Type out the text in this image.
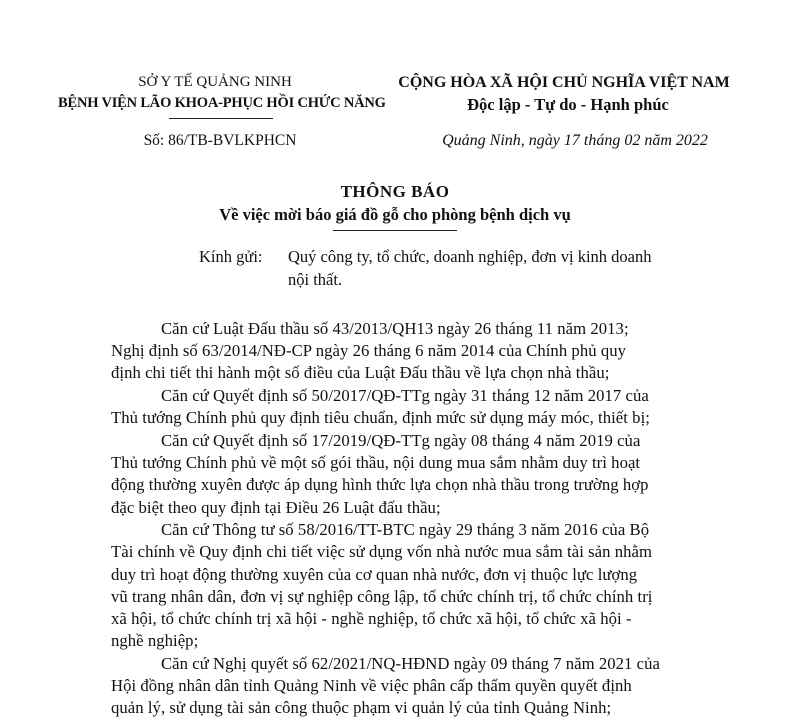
SỞ Y TẾ QUẢNG NINH
BỆNH VIỆN LÃO KHOA-PHỤC HỒI CHỨC NĂNG
Số: 86/TB-BVLKPHCN
CỘNG HÒA XÃ HỘI CHỦ NGHĨA VIỆT NAM
Độc lập - Tự do - Hạnh phúc
Quảng Ninh, ngày 17 tháng 02 năm 2022
THÔNG BÁO
Về việc mời báo giá đồ gỗ cho phòng bệnh dịch vụ
Kính gửi: Quý công ty, tổ chức, doanh nghiệp, đơn vị kinh doanh
nội thất.
Căn cứ Luật Đấu thầu số 43/2013/QH13 ngày 26 tháng 11 năm 2013;
Nghị định số 63/2014/NĐ-CP ngày 26 tháng 6 năm 2014 của Chính phủ quy
định chi tiết thi hành một số điều của Luật Đấu thầu về lựa chọn nhà thầu;
Căn cứ Quyết định số 50/2017/QĐ-TTg ngày 31 tháng 12 năm 2017 của
Thủ tướng Chính phủ quy định tiêu chuẩn, định mức sử dụng máy móc, thiết bị;
Căn cứ Quyết định số 17/2019/QĐ-TTg ngày 08 tháng 4 năm 2019 của
Thủ tướng Chính phủ về một số gói thầu, nội dung mua sắm nhằm duy trì hoạt
động thường xuyên được áp dụng hình thức lựa chọn nhà thầu trong trường hợp
đặc biệt theo quy định tại Điều 26 Luật đấu thầu;
Căn cứ Thông tư số 58/2016/TT-BTC ngày 29 tháng 3 năm 2016 của Bộ
Tài chính về Quy định chi tiết việc sử dụng vốn nhà nước mua sắm tài sản nhằm
duy trì hoạt động thường xuyên của cơ quan nhà nước, đơn vị thuộc lực lượng
vũ trang nhân dân, đơn vị sự nghiệp công lập, tổ chức chính trị, tổ chức chính trị
xã hội, tổ chức chính trị xã hội - nghề nghiệp, tổ chức xã hội, tổ chức xã hội -
nghề nghiệp;
Căn cứ Nghị quyết số 62/2021/NQ-HĐND ngày 09 tháng 7 năm 2021 của
Hội đồng nhân dân tỉnh Quảng Ninh về việc phân cấp thẩm quyền quyết định
quản lý, sử dụng tài sản công thuộc phạm vi quản lý của tỉnh Quảng Ninh;
